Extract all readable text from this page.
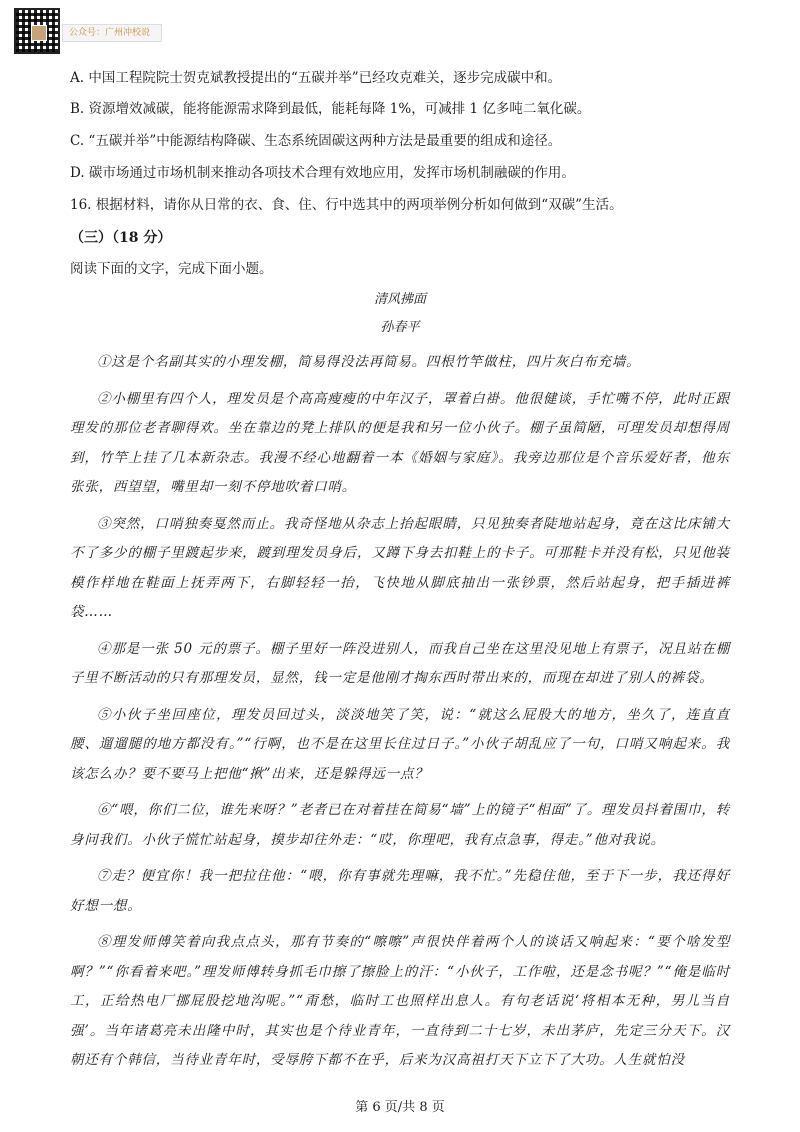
公众号：广州冲校说
A. 中国工程院院士贺克斌教授提出的“五碳并举”已经攻克难关，逐步完成碳中和。
B. 资源增效减碳，能将能源需求降到最低，能耗每降 1%，可减排 1 亿多吨二氧化碳。
C. “五碳并举”中能源结构降碳、生态系统固碳这两种方法是最重要的组成和途径。
D. 碳市场通过市场机制来推动各项技术合理有效地应用，发挥市场机制融碳的作用。
16. 根据材料，请你从日常的衣、食、住、行中选其中的两项举例分析如何做到“双碳”生活。
（三）（18 分）
阅读下面的文字，完成下面小题。
清风拂面
孙春平

①这是个名副其实的小理发棚，简易得没法再简易。四根竹竿做柱，四片灰白布充墙。

②小棚里有四个人，理发员是个高高瘦瘦的中年汉子，罩着白褂。他很健谈，手忙嘴不停，此时正跟理发的那位老者聊得欢。坐在靠边的凳上排队的便是我和另一位小伙子。棚子虽简陋，可理发员却想得周到，竹竿上挂了几本新杂志。我漫不经心地翻着一本《婚姻与家庭》。我旁边那位是个音乐爱好者，他东张张，西望望，嘴里却一刻不停地吹着口哨。

③突然，口哨独奏戛然而止。我奇怪地从杂志上抬起眼睛，只见独奏者陡地站起身，竟在这比床铺大不了多少的棚子里踱起步来，踱到理发员身后，又蹲下身去扣鞋上的卡子。可那鞋卡并没有松，只见他装模作样地在鞋面上抚弄两下，右脚轻轻一抬，飞快地从脚底抽出一张钞票，然后站起身，把手插进裤袋……

④那是一张 50 元的票子。棚子里好一阵没进别人，而我自己坐在这里没见地上有票子，况且站在棚子里不断活动的只有那理发员，显然，钱一定是他刚才掏东西时带出来的，而现在却进了别人的裤袋。

⑤小伙子坐回座位，理发员回过头，淡淡地笑了笑，说：“就这么屁股大的地方，坐久了，连直直腰、遛遛腿的地方都没有。”“行啊，也不是在这里长住过日子。”小伙子胡乱应了一句，口哨又响起来。我该怎么办？要不要马上把他“揪”出来，还是躲得远一点？

⑥“喂，你们二位，谁先来呀？”老者已在对着挂在简易“墙”上的镜子“相面”了。理发员抖着围巾，转身问我们。小伙子慌忙站起身，摸步却往外走：“哎，你理吧，我有点急事，得走。”他对我说。

⑦走？便宜你！我一把拉住他：“喂，你有事就先理嘛，我不忙。”先稳住他，至于下一步，我还得好好想一想。

⑧理发师傅笑着向我点点头，那有节奏的“嚓嚓”声很快伴着两个人的谈话又响起来：“要个啥发型啊？”“你看着来吧。”理发师傅转身抓毛巾擦了擦脸上的汗：“小伙子，工作啦，还是念书呢？”“俺是临时工，正给热电厂挪屁股挖地沟呢。”“甭愁，临时工也照样出息人。有句老话说‘将相本无种，男儿当自强’。当年诸葛亮未出隆中时，其实也是个待业青年，一直待到二十七岁，未出茅庐，先定三分天下。汉朝还有个韩信，当待业青年时，受辱胯下都不在乎，后来为汉高祖打天下立下了大功。人生就怕没

第 6 页/共 8 页
